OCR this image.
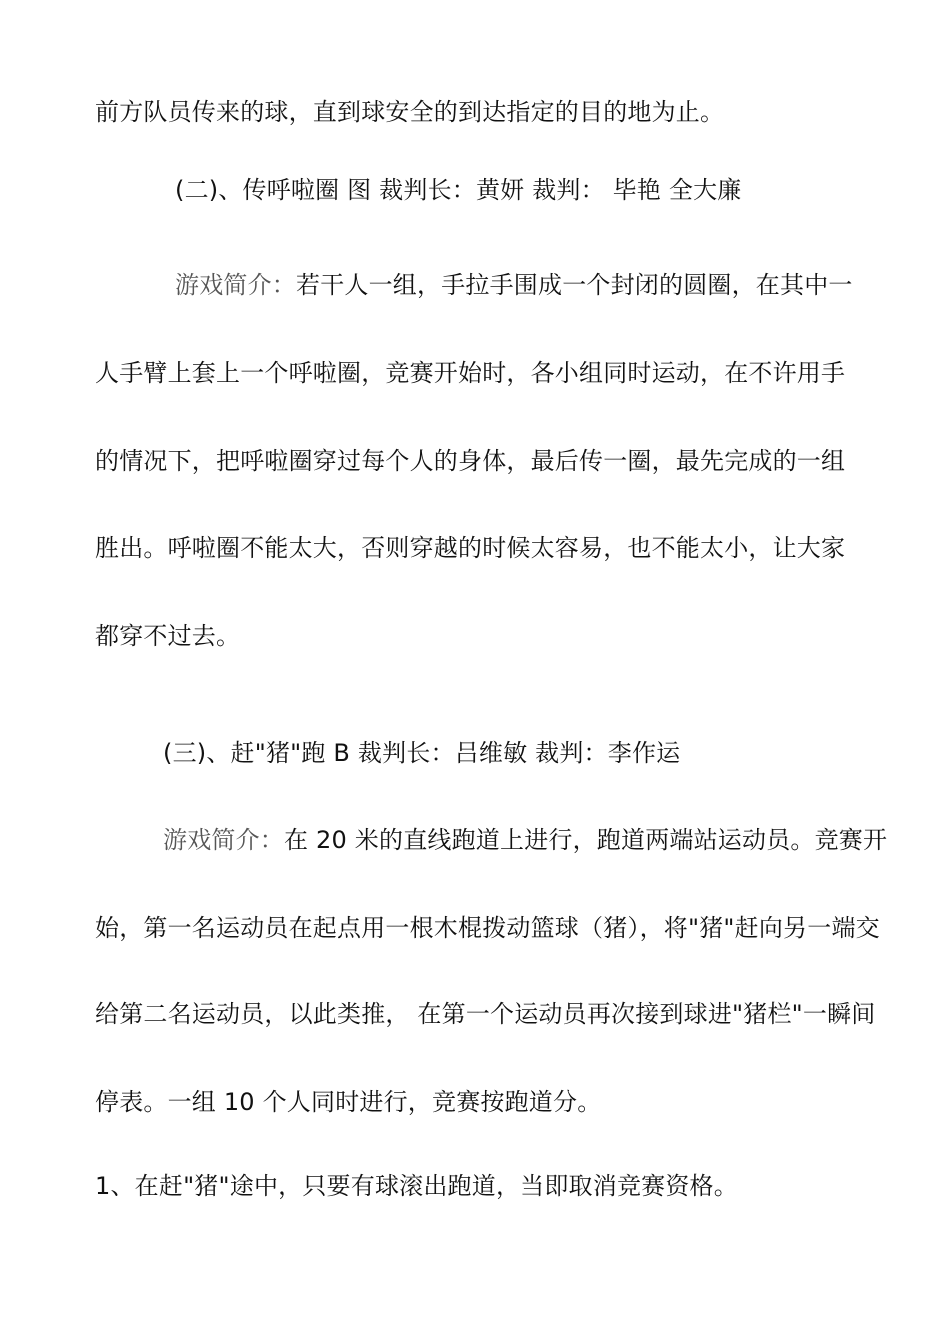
前方队员传来的球，直到球安全的到达指定的目的地为止。
(二)、传呼啦圈 图 裁判长：黄妍 裁判： 毕艳 全大廉
游戏简介：若干人一组，手拉手围成一个封闭的圆圈，在其中一
人手臂上套上一个呼啦圈，竞赛开始时，各小组同时运动，在不许用手
的情况下，把呼啦圈穿过每个人的身体，最后传一圈，最先完成的一组
胜出。呼啦圈不能太大，否则穿越的时候太容易，也不能太小，让大家
都穿不过去。
(三)、赶"猪"跑 B 裁判长：吕维敏 裁判：李作运
游戏简介：在 20 米的直线跑道上进行，跑道两端站运动员。竞赛开
始，第一名运动员在起点用一根木棍拨动篮球（猪），将"猪"赶向另一端交
给第二名运动员，以此类推， 在第一个运动员再次接到球进"猪栏"一瞬间
停表。一组 10 个人同时进行，竞赛按跑道分。
1、在赶"猪"途中，只要有球滚出跑道，当即取消竞赛资格。
